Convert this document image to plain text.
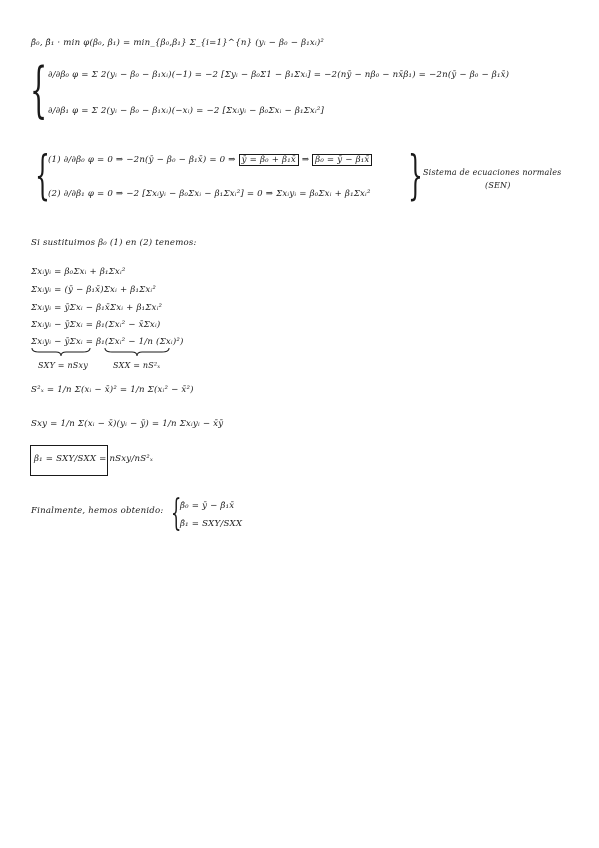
β̂₀, β̂₁ · min φ(β₀, β₁) = min_{β₀,β₁} Σ_{i=1}^{n} (yᵢ − β₀ − β₁xᵢ)²
{ ∂/∂β₀ φ = Σ 2(yᵢ − β₀ − β₁xᵢ)(−1) = −2 [Σyᵢ − β₀Σ1 − β₁Σxᵢ] = −2(nȳ − nβ₀ − nx̄β₁) = −2n(ȳ − β₀ − β₁x̄)
∂/∂β₁ φ = Σ 2(yᵢ − β₀ − β₁xᵢ)(−xᵢ) = −2 [Σxᵢyᵢ − β₀Σxᵢ − β₁Σxᵢ²]
{
(1) ∂/∂β₀ φ = 0 ⇒ −2n(ȳ − β₀ − β₁x̄) = 0 ⇒ ȳ = β₀ + β₁x̄ ⇒ β₀ = ȳ − β₁x̄
(2) ∂/∂β₁ φ = 0 ⇒ −2 [Σxᵢyᵢ − β₀Σxᵢ − β₁Σxᵢ²] = 0 ⇒ Σxᵢyᵢ = β₀Σxᵢ + β₁Σxᵢ² } Sistema de ecuaciones normales
(SEN)
Si sustituimos β₀ (1) en (2) tenemos:
Σxᵢyᵢ = β₀Σxᵢ + β₁Σxᵢ²
Σxᵢyᵢ = (ȳ − β₁x̄)Σxᵢ + β₁Σxᵢ²
Σxᵢyᵢ = ȳΣxᵢ − β₁x̄Σxᵢ + β₁Σxᵢ²
Σxᵢyᵢ − ȳΣxᵢ = β₁(Σxᵢ² − x̄Σxᵢ)
Σxᵢyᵢ − ȳΣxᵢ = β₁(Σxᵢ² − 1/n (Σxᵢ)²)
SXY = nSxy	SXX = nS²ₓ
S²ₓ = 1/n Σ(xᵢ − x̄)² = 1/n Σ(xᵢ² − x̄²)
Sxy = 1/n Σ(xᵢ − x̄)(yᵢ − ȳ) = 1/n Σxᵢyᵢ − x̄ȳ
β₁ = SXY/SXX = nSxy/nS²ₓ
Finalmente, hemos obtenido: {
β̂₀ = ȳ − β̂₁x̄
β̂₁ = SXY/SXX
